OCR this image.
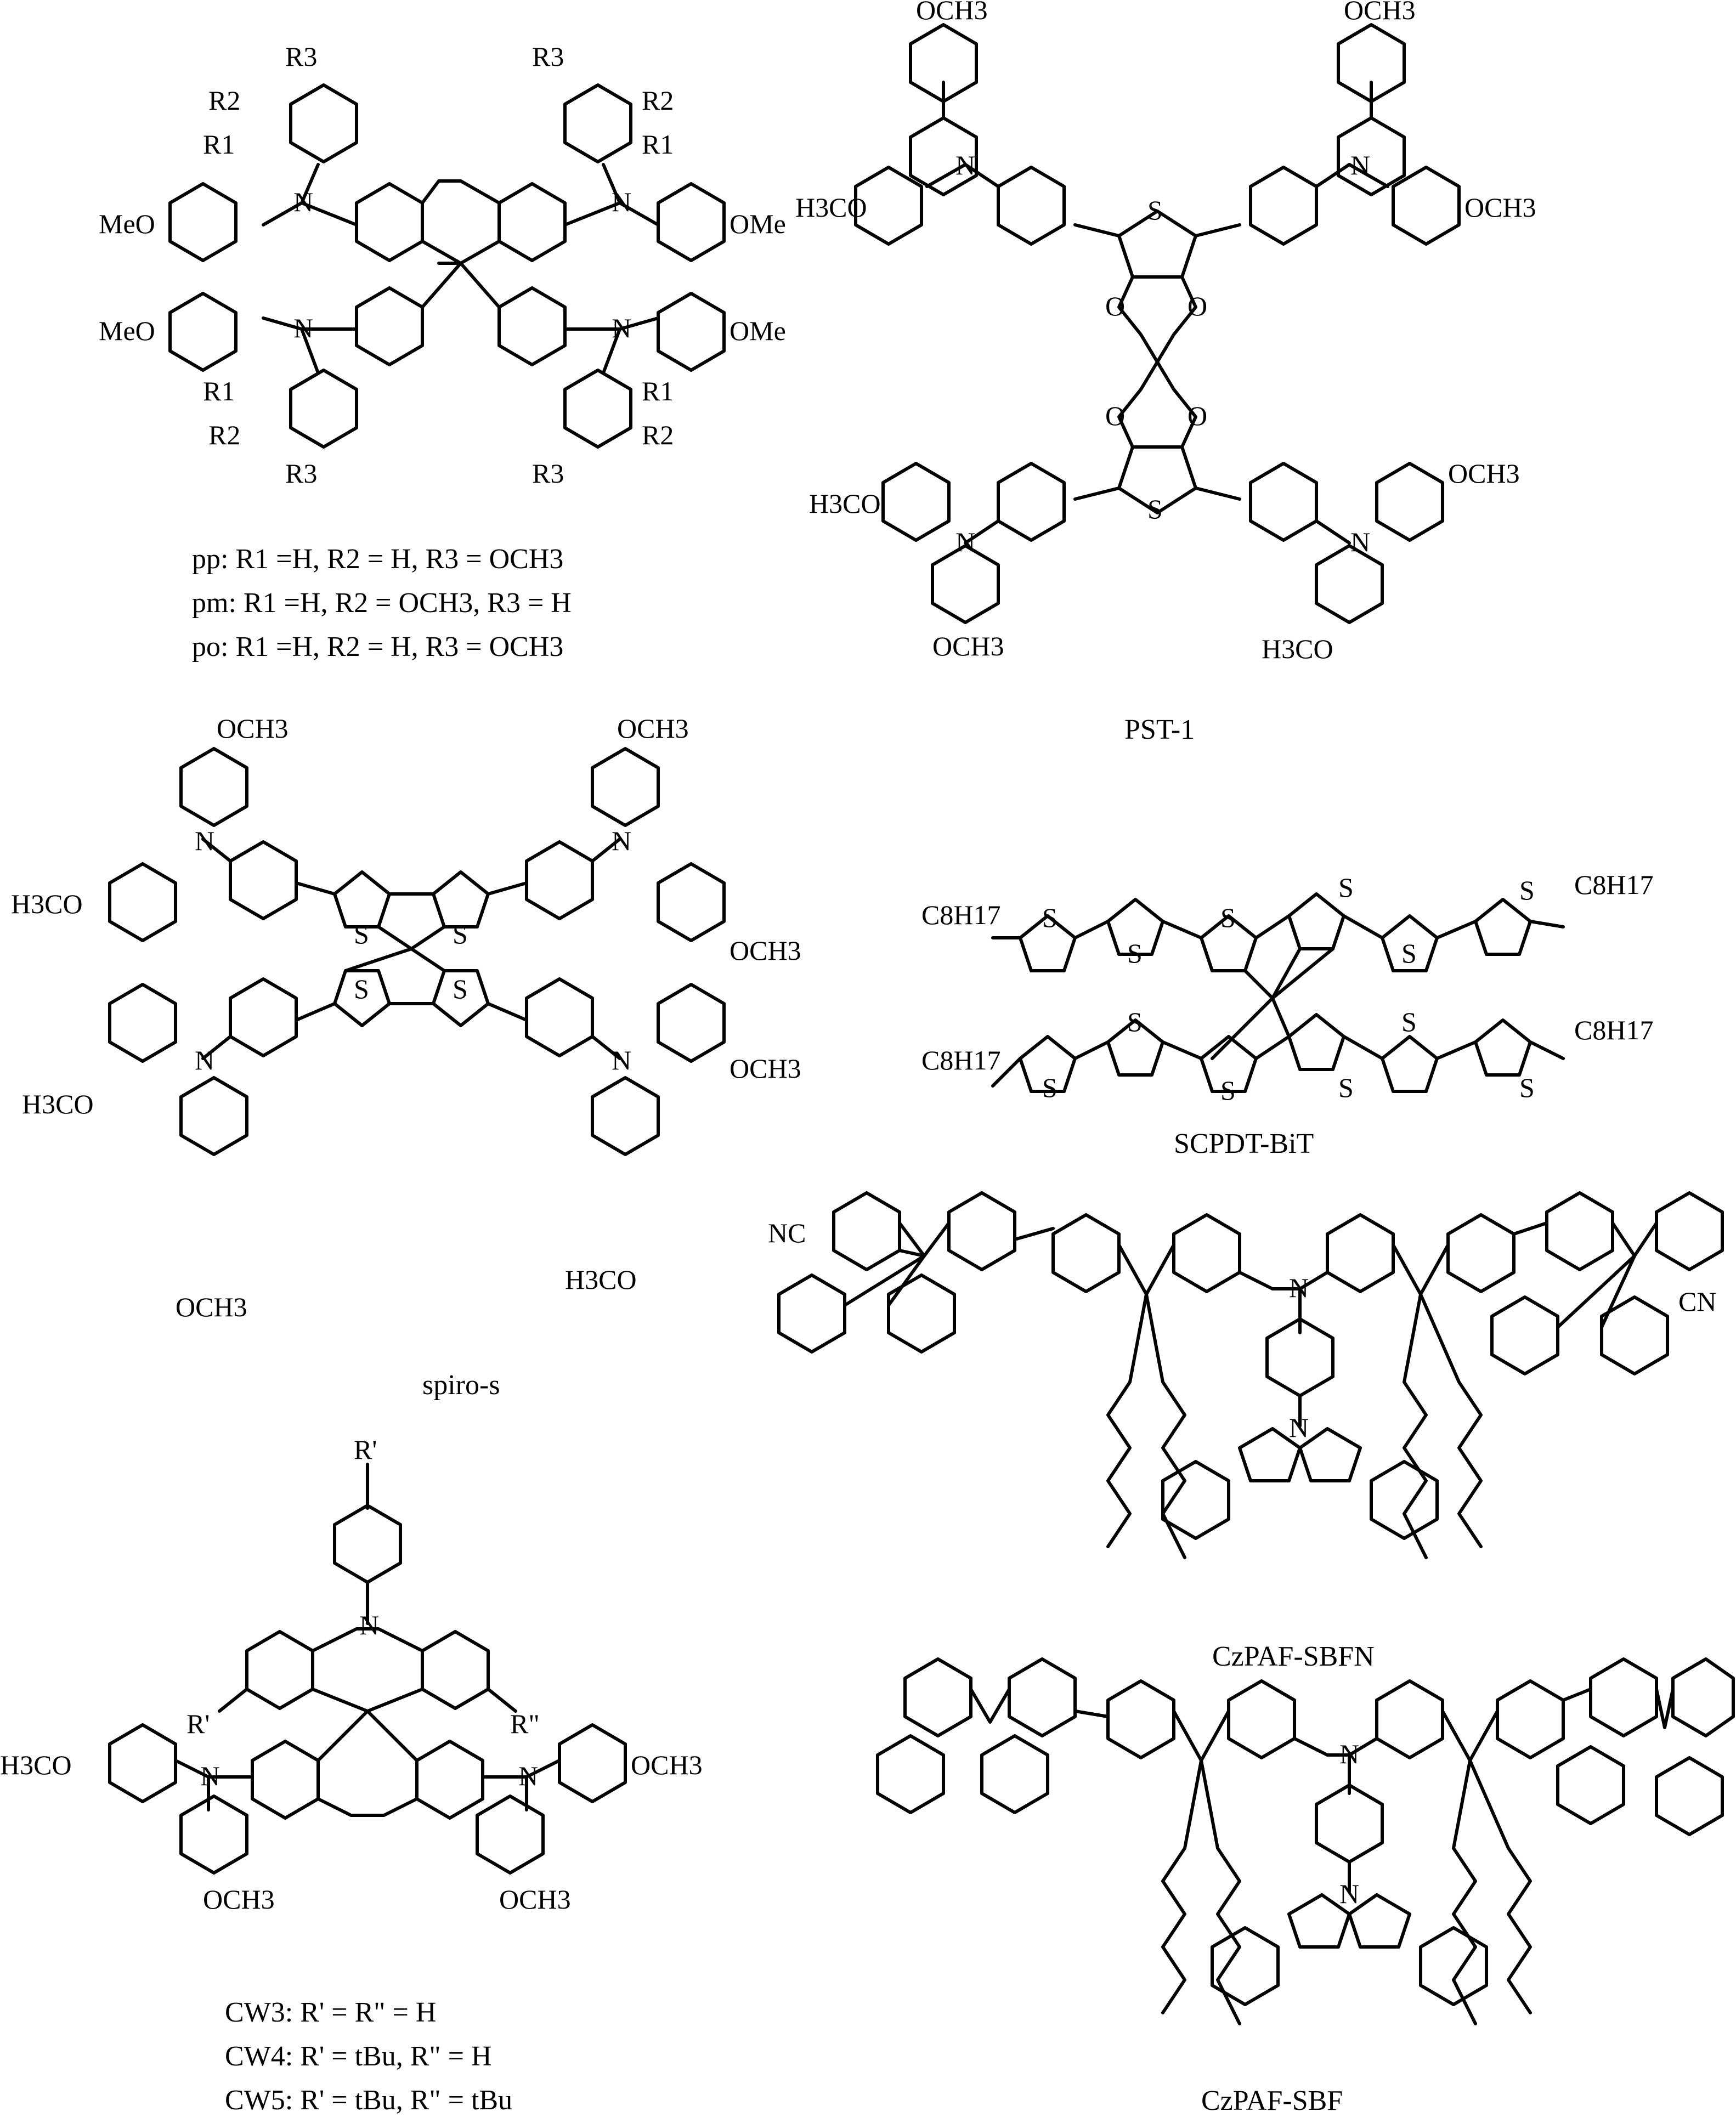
MeO
MeO
OMe
OMe
N	N
N	N
R3
R2
R1
R3
R2
R1
R1
R2
R3
R1
R2
R3
pp: R1 =H, R2 = H, R3 = OCH3
pm: R1 =H, R2 = OCH3, R3 = H
po: R1 =H, R2 = H, R3 = OCH3
S
S
O O
O O
N	N
N	N
OCH3	OCH3
H3CO	OCH3
H3CO
OCH3
OCH3	H3CO
PST-1
S	S
S	S
N	N
N	N
OCH3	OCH3
H3CO
OCH3
H3CO
OCH3
OCH3
H3CO
spiro-s
C8H17
C8H17
C8H17
C8H17
S
S
S
S
S
S
S
S
S	S
S
S
SCPDT-BiT
NC
CN
N
N
CzPAF-SBFN
R'
N
R'	R"
N	N
H3CO	OCH3
OCH3	OCH3
CW3: R' = R" = H
CW4: R' = tBu, R" = H
CW5: R' = tBu, R" = tBu
N
N
CzPAF-SBF
